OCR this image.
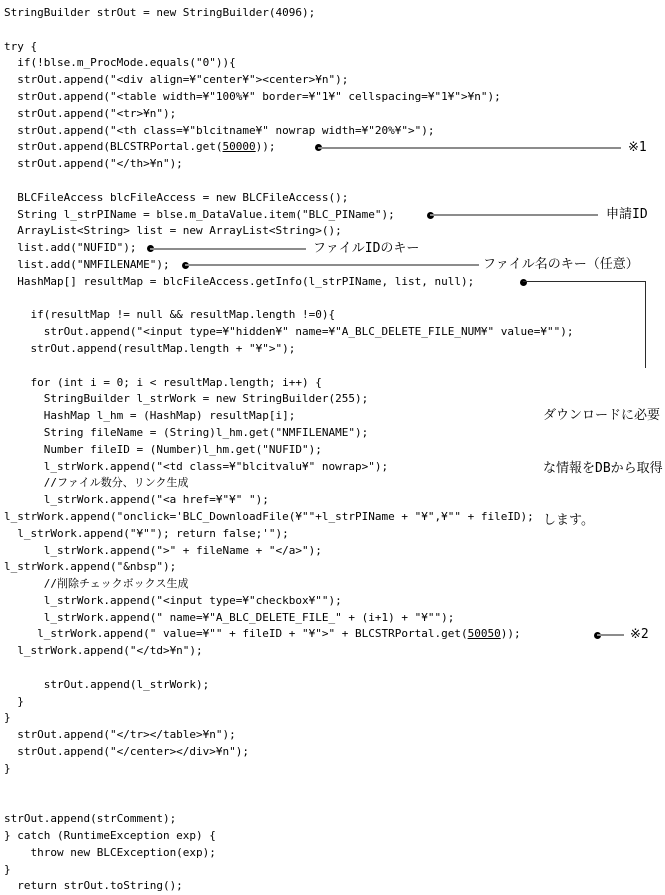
StringBuilder strOut = new StringBuilder(4096);
try {
if(!blse.m_ProcMode.equals("0")){
strOut.append("<div align=¥"center¥"><center>¥n");
strOut.append("<table width=¥"100%¥" border=¥"1¥" cellspacing=¥"1¥">¥n");
strOut.append("<tr>¥n");
strOut.append("<th class=¥"blcitname¥" nowrap width=¥"20%¥">");
strOut.append(BLCSTRPortal.get(50000));
strOut.append("</th>¥n");
BLCFileAccess blcFileAccess = new BLCFileAccess();
String l_strPIName = blse.m_DataValue.item("BLC_PIName");
ArrayList<String> list = new ArrayList<String>();
list.add("NUFID");
list.add("NMFILENAME");
HashMap[] resultMap = blcFileAccess.getInfo(l_strPIName, list, null);
if(resultMap != null && resultMap.length !=0){
strOut.append("<input type=¥"hidden¥" name=¥"A_BLC_DELETE_FILE_NUM¥" value=¥"");
strOut.append(resultMap.length + "¥">");
for (int i = 0; i < resultMap.length; i++) {
StringBuilder l_strWork = new StringBuilder(255);
HashMap l_hm = (HashMap) resultMap[i];
String fileName = (String)l_hm.get("NMFILENAME");
Number fileID = (Number)l_hm.get("NUFID");
l_strWork.append("<td class=¥"blcitvalu¥" nowrap>");
//ファイル数分、リンク生成
l_strWork.append("<a href=¥"¥" ");
l_strWork.append("onclick='BLC_DownloadFile(¥""+l_strPIName + "¥",¥"" + fileID);
l_strWork.append("¥""); return false;'");
l_strWork.append(">" + fileName + "</a>");
l_strWork.append("&nbsp");
//削除チェックボックス生成
l_strWork.append("<input type=¥"checkbox¥"");
l_strWork.append(" name=¥"A_BLC_DELETE_FILE_" + (i+1) + "¥"");
l_strWork.append(" value=¥"" + fileID + "¥">" + BLCSTRPortal.get(50050));
l_strWork.append("</td>¥n");
strOut.append(l_strWork);
}
}
strOut.append("</tr></table>¥n");
strOut.append("</center></div>¥n");
}
strOut.append(strComment);
} catch (RuntimeException exp) {
throw new BLCException(exp);
}
return strOut.toString();
※1
申請ID
ファイルIDのキー
ファイル名のキー（任意）
※2

ダウンロードに必要

な情報をDBから取得

します。
